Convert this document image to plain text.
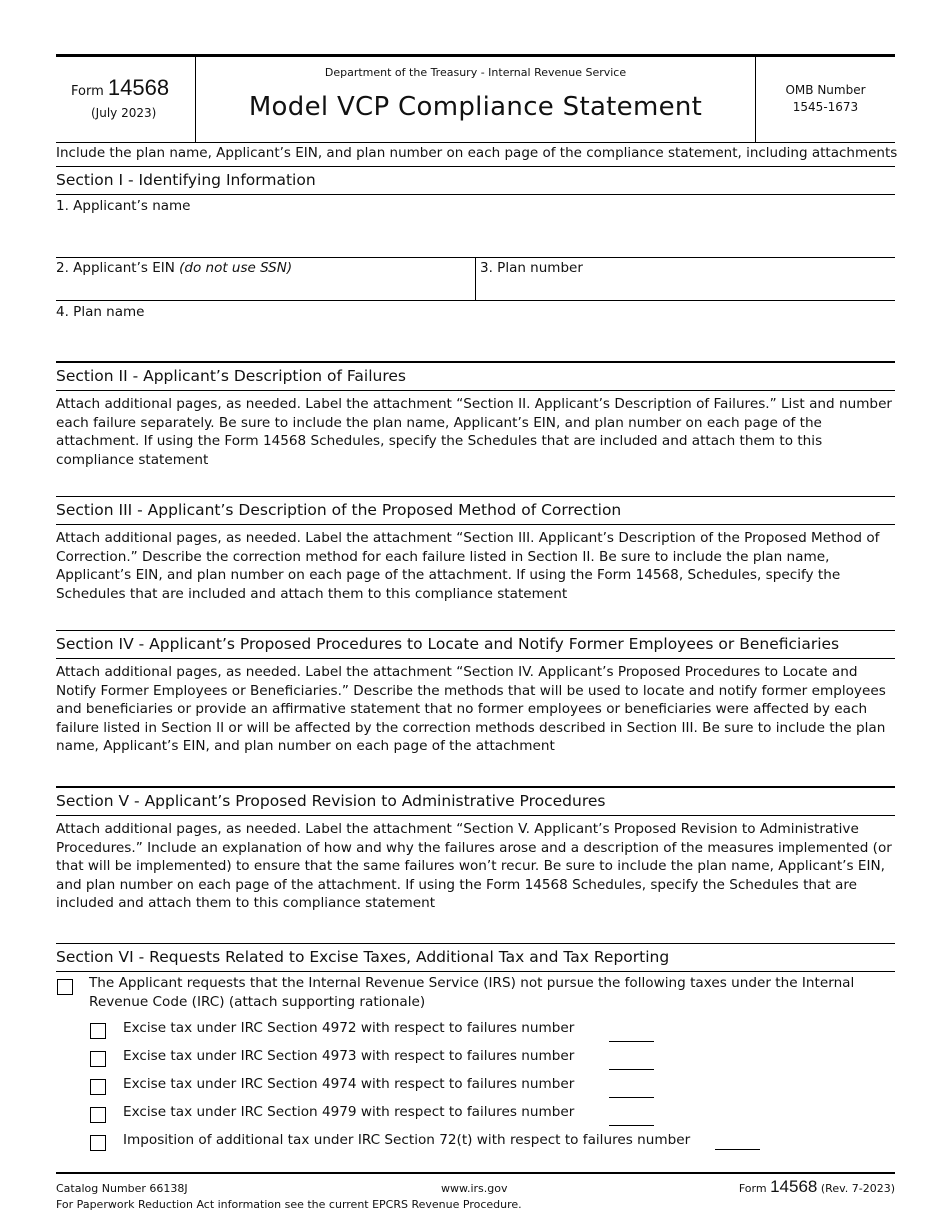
Form 14568
(July 2023)
Department of the Treasury - Internal Revenue Service
Model VCP Compliance Statement
OMB Number
1545-1673
Include the plan name, Applicant’s EIN, and plan number on each page of the compliance statement, including attachments
Section I - Identifying Information
1. Applicant’s name
2. Applicant’s EIN (do not use SSN)	3. Plan number
4. Plan name
Section II - Applicant’s Description of Failures
Attach additional pages, as needed. Label the attachment “Section II. Applicant’s Description of Failures.” List and number each failure separately. Be sure to include the plan name, Applicant’s EIN, and plan number on each page of the attachment. If using the Form 14568 Schedules, specify the Schedules that are included and attach them to this compliance statement
Section III - Applicant’s Description of the Proposed Method of Correction
Attach additional pages, as needed. Label the attachment “Section III. Applicant’s Description of the Proposed Method of Correction.” Describe the correction method for each failure listed in Section II. Be sure to include the plan name, Applicant’s EIN, and plan number on each page of the attachment. If using the Form 14568, Schedules, specify the Schedules that are included and attach them to this compliance statement
Section IV - Applicant’s Proposed Procedures to Locate and Notify Former Employees or Beneficiaries
Attach additional pages, as needed. Label the attachment “Section IV. Applicant’s Proposed Procedures to Locate and Notify Former Employees or Beneficiaries.” Describe the methods that will be used to locate and notify former employees and beneficiaries or provide an affirmative statement that no former employees or beneficiaries were affected by each failure listed in Section II or will be affected by the correction methods described in Section III. Be sure to include the plan name, Applicant’s EIN, and plan number on each page of the attachment
Section V - Applicant’s Proposed Revision to Administrative Procedures
Attach additional pages, as needed. Label the attachment “Section V. Applicant’s Proposed Revision to Administrative Procedures.” Include an explanation of how and why the failures arose and a description of the measures implemented (or that will be implemented) to ensure that the same failures won’t recur. Be sure to include the plan name, Applicant’s EIN, and plan number on each page of the attachment. If using the Form 14568 Schedules, specify the Schedules that are included and attach them to this compliance statement
Section VI - Requests Related to Excise Taxes, Additional Tax and Tax Reporting
The Applicant requests that the Internal Revenue Service (IRS) not pursue the following taxes under the Internal
Revenue Code (IRC) (attach supporting rationale)
Excise tax under IRC Section 4972 with respect to failures number
Excise tax under IRC Section 4973 with respect to failures number
Excise tax under IRC Section 4974 with respect to failures number
Excise tax under IRC Section 4979 with respect to failures number
Imposition of additional tax under IRC Section 72(t) with respect to failures number
Catalog Number 66138J	www.irs.gov	Form 14568 (Rev. 7-2023)
For Paperwork Reduction Act information see the current EPCRS Revenue Procedure.
